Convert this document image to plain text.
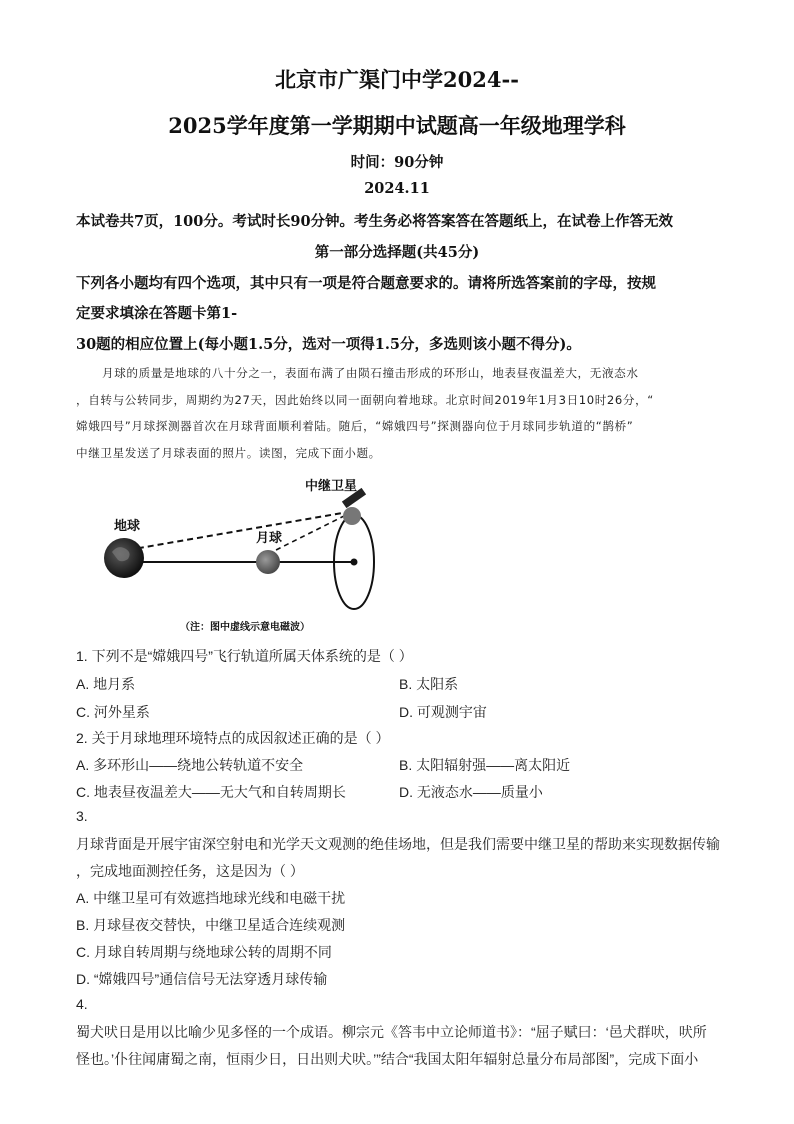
北京市广渠门中学2024--
2025学年度第一学期期中试题高一年级地理学科
时间：90分钟
2024.11
本试卷共7页，100分。考试时长90分钟。考生务必将答案答在答题纸上，在试卷上作答无效
第一部分选择题(共45分)
下列各小题均有四个选项，其中只有一项是符合题意要求的。请将所选答案前的字母，按规
定要求填涂在答题卡第1-
30题的相应位置上(每小题1.5分，选对一项得1.5分，多选则该小题不得分)。

月球的质量是地球的八十分之一，表面布满了由陨石撞击形成的环形山，地表昼夜温差大，无液态水

，自转与公转同步，周期约为27天，因此始终以同一面朝向着地球。北京时间2019年1月3日10时26分，“

嫦娥四号”月球探测器首次在月球背面顺利着陆。随后，“嫦娥四号”探测器向位于月球同步轨道的“鹊桥”

中继卫星发送了月球表面的照片。读图，完成下面小题。

地球
月球
中继卫星
（注：图中虚线示意电磁波）
1. 下列不是“嫦娥四号”飞行轨道所属天体系统的是（ ）
A. 地月系	B. 太阳系
C. 河外星系	D. 可观测宇宙
2. 关于月球地理环境特点的成因叙述正确的是（ ）
A. 多环形山——绕地公转轨道不安全	B. 太阳辐射强——离太阳近
C. 地表昼夜温差大——无大气和自转周期长	D. 无液态水——质量小
3.
月球背面是开展宇宙深空射电和光学天文观测的绝佳场地，但是我们需要中继卫星的帮助来实现数据传输
，完成地面测控任务，这是因为（ ）
A. 中继卫星可有效遮挡地球光线和电磁干扰
B. 月球昼夜交替快，中继卫星适合连续观测
C. 月球自转周期与绕地球公转的周期不同
D. “嫦娥四号”通信信号无法穿透月球传输
4.
蜀犬吠日是用以比喻少见多怪的一个成语。柳宗元《答韦中立论师道书》：“屈子赋曰：‘邑犬群吠，吠所
怪也。’仆往闻庸蜀之南，恒雨少日，日出则犬吠。’”结合“我国太阳年辐射总量分布局部图”，完成下面小
